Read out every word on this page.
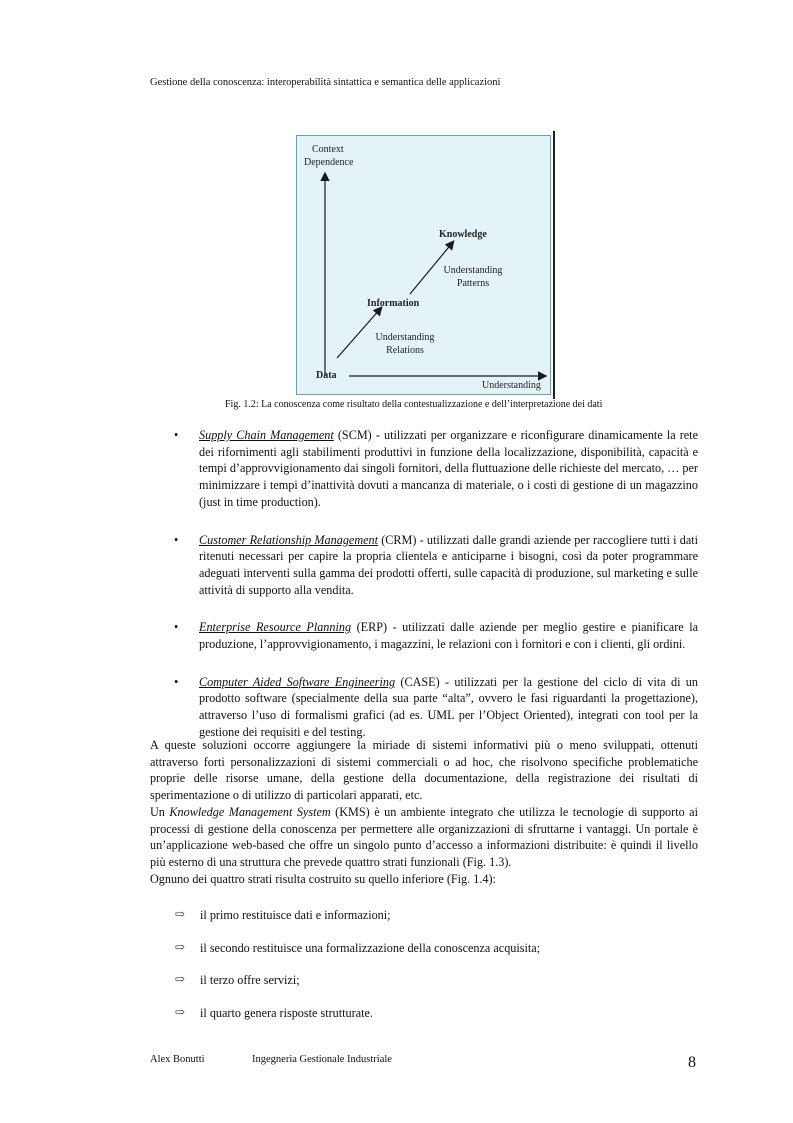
Gestione della conoscenza: interoperabilità sintattica e semantica delle applicazioni
Context
Dependence
Knowledge
Understanding
Patterns
Information
Understanding
Relations
Data
Understanding
Fig. 1.2: La conoscenza come risultato della contestualizzazione e dell’interpretazione dei dati
• Supply Chain Management (SCM) - utilizzati per organizzare e riconfigurare dinamicamente la rete dei rifornimenti agli stabilimenti produttivi in funzione della localizzazione, disponibilità, capacità e tempi d’approvvigionamento dai singoli fornitori, della fluttuazione delle richieste del mercato, … per minimizzare i tempi d’inattività dovuti a mancanza di materiale, o i costi di gestione di un magazzino (just in time production).
• Customer Relationship Management (CRM) - utilizzati dalle grandi aziende per raccogliere tutti i dati ritenuti necessari per capire la propria clientela e anticiparne i bisogni, così da poter programmare adeguati interventi sulla gamma dei prodotti offerti, sulle capacità di produzione, sul marketing e sulle attività di supporto alla vendita.
• Enterprise Resource Planning (ERP) - utilizzati dalle aziende per meglio gestire e pianificare la produzione, l’approvvigionamento, i magazzini, le relazioni con i fornitori e con i clienti, gli ordini.
• Computer Aided Software Engineering (CASE) - utilizzati per la gestione del ciclo di vita di un prodotto software (specialmente della sua parte “alta”, ovvero le fasi riguardanti la progettazione), attraverso l’uso di formalismi grafici (ad es. UML per l’Object Oriented), integrati con tool per la gestione dei requisiti e del testing.

A queste soluzioni occorre aggiungere la miriade di sistemi informativi più o meno sviluppati, ottenuti attraverso forti personalizzazioni di sistemi commerciali o ad hoc, che risolvono specifiche problematiche proprie delle risorse umane, della gestione della documentazione, della registrazione dei risultati di sperimentazione o di utilizzo di particolari apparati, etc.

Un Knowledge Management System (KMS) è un ambiente integrato che utilizza le tecnologie di supporto ai processi di gestione della conoscenza per permettere alle organizzazioni di sfruttarne i vantaggi. Un portale è un’applicazione web-based che offre un singolo punto d’accesso a informazioni distribuite: è quindi il livello più esterno di una struttura che prevede quattro strati funzionali (Fig. 1.3).

Ognuno dei quattro strati risulta costruito su quello inferiore (Fig. 1.4):

⇨ il primo restituisce dati e informazioni;
⇨ il secondo restituisce una formalizzazione della conoscenza acquisita;
⇨ il terzo offre servizi;
⇨ il quarto genera risposte strutturate.
Alex Bonutti	Ingegneria Gestionale Industriale	8
